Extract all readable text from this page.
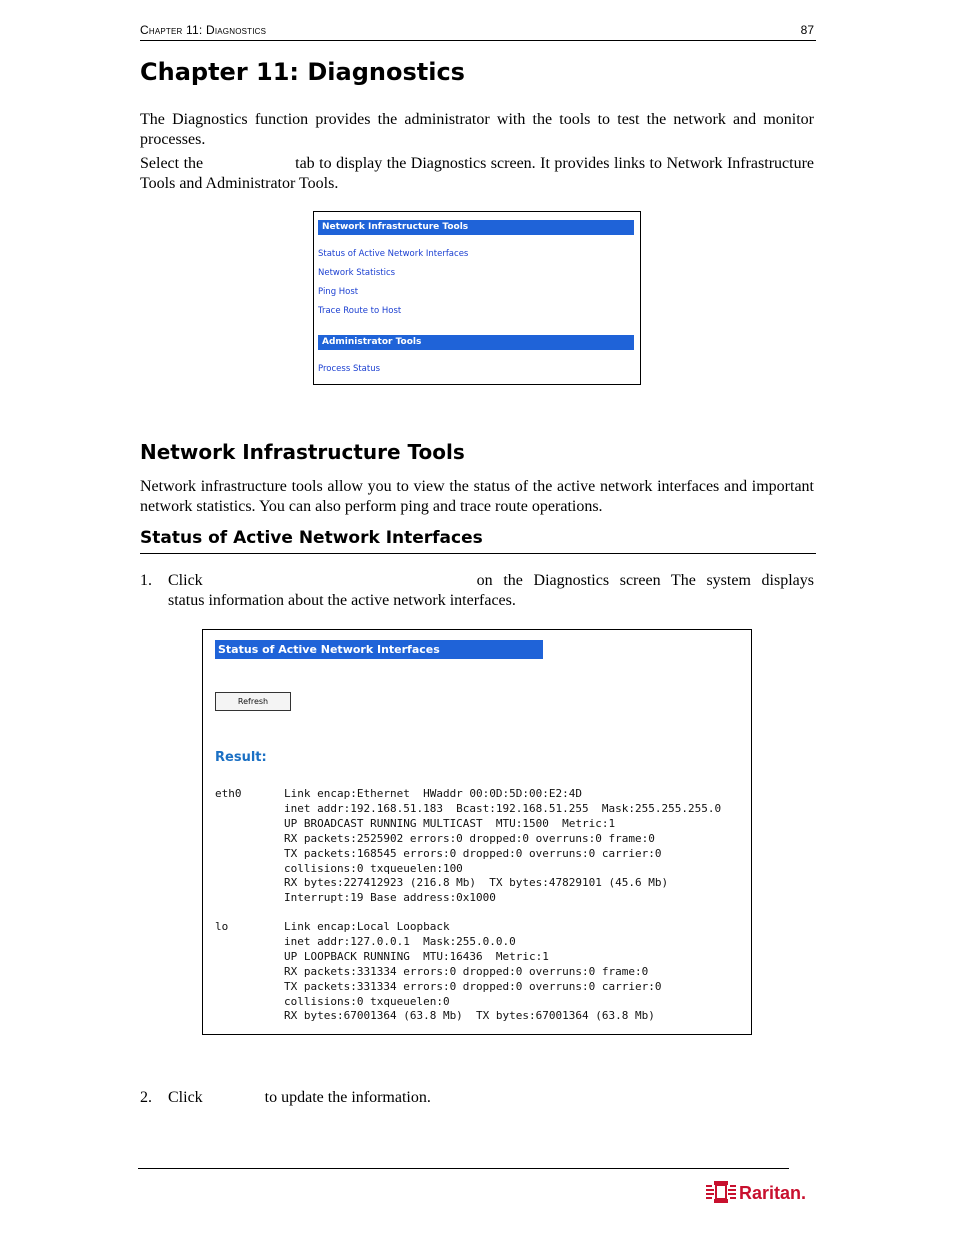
Chapter 11: Diagnostics	87
Chapter 11: Diagnostics

The Diagnostics function provides the administrator with the tools to test the network and monitor processes.

Select the	tab to display the Diagnostics screen. It provides links to Network Infrastructure Tools and Administrator Tools.

Network Infrastructure Tools
Status of Active Network Interfaces
Network Statistics
Ping Host
Trace Route to Host
Administrator Tools
Process Status
Network Infrastructure Tools

Network infrastructure tools allow you to view the status of the active network interfaces and important network statistics. You can also perform ping and trace route operations.

Status of Active Network Interfaces
1. Click	on the Diagnostics screen The system displays status information about the active network interfaces.
Status of Active Network Interfaces
Refresh
Result:
eth0	Link encap:Ethernet  HWaddr 00:0D:5D:00:E2:4D
inet addr:192.168.51.183  Bcast:192.168.51.255  Mask:255.255.255.0
UP BROADCAST RUNNING MULTICAST  MTU:1500  Metric:1
RX packets:2525902 errors:0 dropped:0 overruns:0 frame:0
TX packets:168545 errors:0 dropped:0 overruns:0 carrier:0
collisions:0 txqueuelen:100
RX bytes:227412923 (216.8 Mb)  TX bytes:47829101 (45.6 Mb)
Interrupt:19 Base address:0x1000
lo	Link encap:Local Loopback
inet addr:127.0.0.1  Mask:255.0.0.0
UP LOOPBACK RUNNING  MTU:16436  Metric:1
RX packets:331334 errors:0 dropped:0 overruns:0 frame:0
TX packets:331334 errors:0 dropped:0 overruns:0 carrier:0
collisions:0 txqueuelen:0
RX bytes:67001364 (63.8 Mb)  TX bytes:67001364 (63.8 Mb)
2. Click	to update the information.
Raritan.
